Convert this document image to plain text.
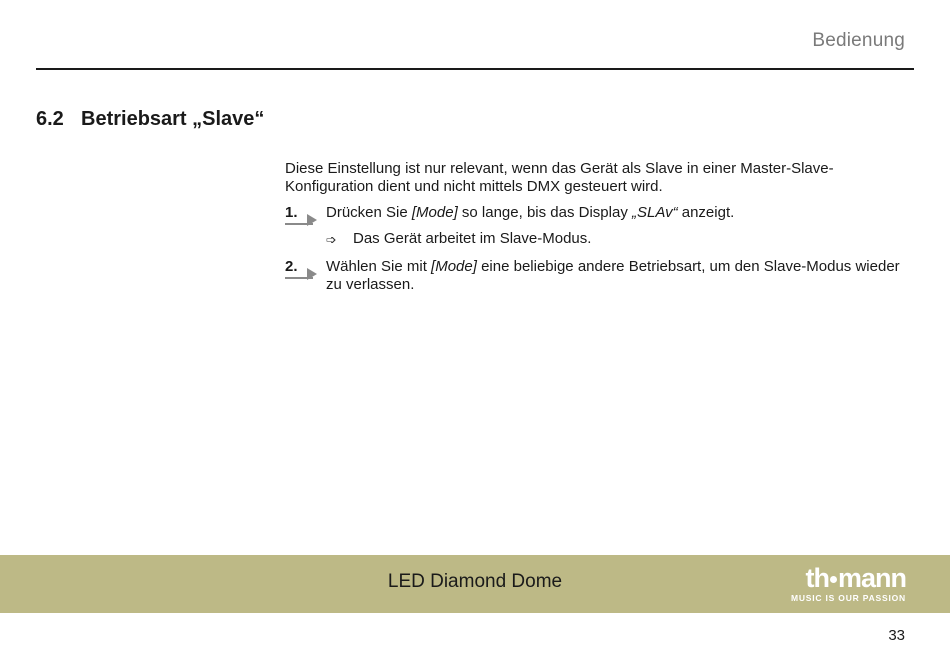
Bedienung
6.2 Betriebsart „Slave“

Diese Einstellung ist nur relevant, wenn das Gerät als Slave in einer Master-Slave-Konfiguration dient und nicht mittels DMX gesteuert wird.

1.	Drücken Sie [Mode] so lange, bis das Display „SLAv“ anzeigt.
➩ Das Gerät arbeitet im Slave-Modus.
2.	Wählen Sie mit [Mode] eine beliebige andere Betriebsart, um den Slave-Modus wieder zu verlassen.
LED Diamond Dome	th mann
MUSIC IS OUR PASSION
33
